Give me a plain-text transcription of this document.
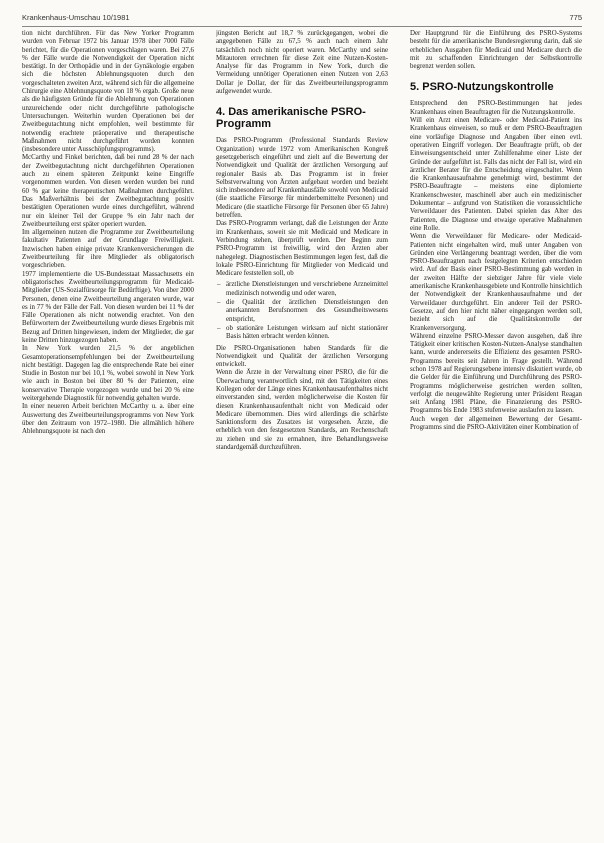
Krankenhaus-Umschau 10/1981	775

tion nicht durchführen. Für das New Yorker Programm wurden von Februar 1972 bis Januar 1978 über 7000 Fälle berichtet, für die Operationen vorgeschlagen waren. Bei 27,6 % der Fälle wurde die Notwendigkeit der Operation nicht bestätigt. In der Orthopädie und in der Gynäkologie ergaben sich die höchsten Ablehnungsquoten durch den vorgeschalteten zweiten Arzt, während sich für die allgemeine Chirurgie eine Ablehnungsquote von 18 % ergab. Große neue als die häufigsten Gründe für die Ablehnung von Operationen unzureichende oder nicht durchgeführte pathologische Untersuchungen. Weiterhin wurden Operationen bei der Zweitbegutachtung nicht empfohlen, weil bestimmte für notwendig erachtete präoperative und therapeutische Maßnahmen nicht durchgeführt worden konnten (insbesondere unter Ausschöpfungsprogramms).

McCarthy und Finkel berichten, daß bei rund 28 % der nach der Zweitbegutachtung nicht durchgeführten Operationen auch zu einem späteren Zeitpunkt keine Eingriffe vorgenommen wurden. Von diesen werden wurden bei rund 60 % gar keine therapeutischen Maßnahmen durchgeführt. Das Maßverhältnis bei der Zweitbegutachtung positiv bestätigten Operationen wurde eines durchgeführt, während nur ein kleiner Teil der Gruppe % ein Jahr nach der Zweitbeurteilung erst später operiert wurden.

Im allgemeinen nutzen die Programme zur Zweitbeurteilung fakultativ Patienten auf der Grundlage Freiwilligkeit. Inzwischen haben einige private Krankenversicherungen die Zweitbeurteilung für ihre Mitglieder als obligatorisch vorgeschrieben.

1977 implementierte die US-Bundesstaat Massachusetts ein obligatorisches Zweitbeurteilungsprogramm für Medicaid-Mitglieder (US-Sozialfürsorge für Bedürftige). Von über 2000 Personen, denen eine Zweitbeurteilung angeraten wurde, war es in 77 % der Fälle der Fall. Von diesen wurden bei 11 % der Fälle Operationen als nicht notwendig erachtet. Von den Befürwortern der Zweitbeurteilung wurde dieses Ergebnis mit Bezug auf Dritten hingewiesen, indem der Mitglieder, die gar keine Dritten hinzugezogen haben.

In New York wurden 21,5 % der angeblichen Gesamtoperationsempfehlungen bei der Zweitbeurteilung nicht bestätigt. Dagegen lag die entsprechende Rate bei einer Studie in Boston nur bei 10,1 %, wobei sowohl in New York wie auch in Boston bei über 80 % der Patienten, eine konservative Therapie vorgezogen wurde und bei 20 % eine weitergehende Diagnostik für notwendig gehalten wurde.

In einer neueren Arbeit berichten McCarthy u. a. über eine Auswertung des Zweitbeurteilungsprogramms von New York über den Zeitraum von 1972–1980. Die allmählich höhere Ablehnungsquote ist nach den

jüngsten Bericht auf 18,7 % zurückgegangen, wobei die angegebenen Fälle zu 67,5 % auch nach einem Jahr tatsächlich noch nicht operiert waren. McCarthy und seine Mitautoren errechnen für diese Zeit eine Nutzen-Kosten-Analyse für das Programm in New York, durch die Vermeidung unnötiger Operationen einen Nutzen von 2,63 Dollar je Dollar, der für das Zweitbeurteilungsprogramm aufgewendet wurde.

4. Das amerikanische PSRO-Programm

Das PSRO-Programm (Professional Standards Review Organization) wurde 1972 vom Amerikanischen Kongreß gesetzgeberisch eingeführt und zielt auf die Bewertung der Notwendigkeit und Qualität der ärztlichen Versorgung auf regionaler Basis ab. Das Programm ist in freier Selbstverwaltung von Ärzten aufgebaut worden und bezieht sich insbesondere auf Krankenhausfälle sowohl von Medicaid (die staatliche Fürsorge für minderbemittelte Personen) und Medicare (die staatliche Fürsorge für Personen über 65 Jahre) betreffen.

Das PSRO-Programm verlangt, daß die Leistungen der Ärzte im Krankenhaus, soweit sie mit Medicaid und Medicare in Verbindung stehen, überprüft werden. Der Beginn zum PSRO-Programm ist freiwillig, wird den Ärzten aber nahegelegt. Diagnostischen Bestimmungen legen fest, daß die lokale PSRO-Einrichtung für Mitglieder von Medicaid und Medicare feststellen soll, ob

– ärztliche Dienstleistungen und verschriebene Arzneimittel medizinisch notwendig und oder waren,
– die Qualität der ärztlichen Dienstleistungen den anerkannten Berufsnormen des Gesundheitswesens entspricht,
– ob stationäre Leistungen wirksam auf nicht stationärer Basis hätten erbracht werden können.

Die PSRO-Organisationen haben Standards für die Notwendigkeit und Qualität der ärztlichen Versorgung entwickelt.

Wenn die Ärzte in der Verwaltung einer PSRO, die für die Überwachung verantwortlich sind, mit den Tätigkeiten eines Kollegen oder der Länge eines Krankenhausaufenthaltes nicht einverstanden sind, werden möglicherweise die Kosten für diesen Krankenhausaufenthalt nicht von Medicaid oder Medicare übernommen. Dies wird allerdings die schärfste Sanktionsform des Zusatzes ist vorgesehen. Ärzte, die erheblich von den festgesetzten Standards, am Rechenschaft zu ziehen und sie zu ermahnen, ihre Behandlungsweise standardgemäß durchzuführen.

Der Hauptgrund für die Einführung des PSRO-Systems besteht für die amerikanische Bundesregierung darin, daß sie erheblichen Ausgaben für Medicaid und Medicare durch die mit zu schaffenden Einrichtungen der Selbstkontrolle begrenzt werden sollen.

5. PSRO-Nutzungskontrolle

Entsprechend den PSRO-Bestimmungen hat jedes Krankenhaus einen Beauftragten für die Nutzungskontrolle.

Will ein Arzt einen Medicare- oder Medicaid-Patient ins Krankenhaus einweisen, so muß er dem PSRO-Beauftragten eine vorläufige Diagnose und Angaben über einen evtl. operativen Eingriff vorlegen. Der Beauftragte prüft, ob der Einweisungsentscheid unter Zuhilfenahme einer Liste der Gründe der aufgeführt ist. Falls das nicht der Fall ist, wird ein ärztlicher Berater für die Entscheidung eingeschaltet. Wenn die Krankenhausaufnahme genehmigt wird, bestimmt der PSRO-Beauftragte – meistens eine diplomierte Krankenschwester, maschinell aber auch ein medizinischer Dokumentar – aufgrund von Statistiken die voraussichtliche Verweildauer des Patienten. Dabei spielen das Alter des Patienten, die Diagnose und etwaige operative Maßnahmen eine Rolle.

Wenn die Verweildauer für Medicare- oder Medicaid-Patienten nicht eingehalten wird, muß unter Angaben von Gründen eine Verlängerung beantragt werden, über die vom PSRO-Beauftragten nach festgelegten Kriterien entschieden wird. Auf der Basis einer PSRO-Bestimmung gab werden in der zweiten Hälfte der siebziger Jahre für viele viele amerikanische Krankenhausgebiete und Kontrolle hinsichtlich der Notwendigkeit der Krankenhausaufnahme und der Verweildauer durchgeführt. Ein anderer Teil der PSRO-Gesetze, auf den hier nicht näher eingegangen werden soll, bezieht sich auf die Qualitätskontrolle der Krankenversorgung.

Während einzelne PSRO-Messer davon ausgehen, daß ihre Tätigkeit einer kritischen Kosten-Nutzen-Analyse standhalten kann, wurde andererseits die Effizienz des gesamten PSRO-Programms bereits seit Jahren in Frage gestellt. Während schon 1978 auf Regierungsebene intensiv diskutiert wurde, ob die Gelder für die Einführung und Durchführung des PSRO-Programms möglicherweise gestrichen werden sollten, verfolgt die neugewählte Regierung unter Präsident Reagan seit Anfang 1981 Pläne, die Finanzierung des PSRO-Programms bis Ende 1983 stufenweise auslaufen zu lassen.

Auch wegen der allgemeinen Bewertung der Gesamt-Programms sind die PSRO-Aktivitäten einer Kombination of
